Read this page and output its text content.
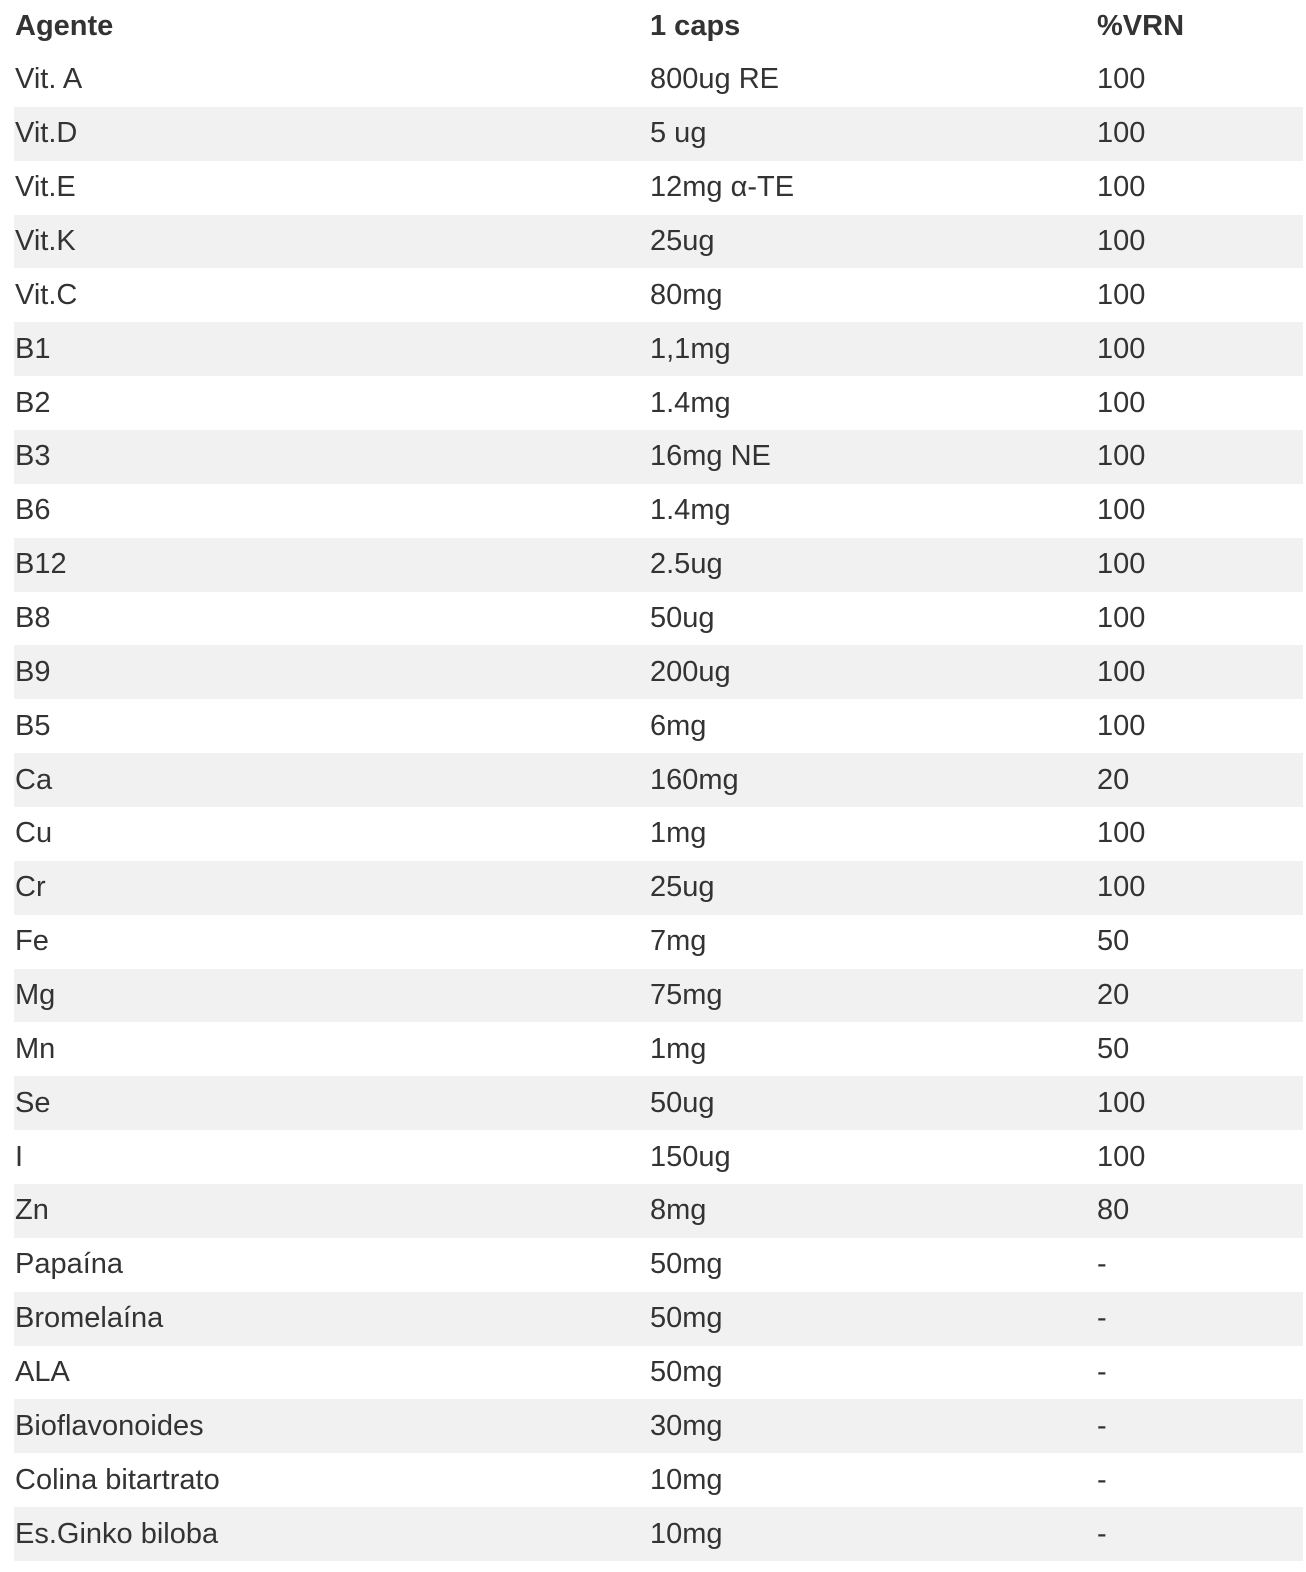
Agente	1 caps	%VRN
Vit. A	800ug RE	100
Vit.D	5 ug	100
Vit.E	12mg α-TE	100
Vit.K	25ug	100
Vit.C	80mg	100
B1	1,1mg	100
B2	1.4mg	100
B3	16mg NE	100
B6	1.4mg	100
B12	2.5ug	100
B8	50ug	100
B9	200ug	100
B5	6mg	100
Ca	160mg	20
Cu	1mg	100
Cr	25ug	100
Fe	7mg	50
Mg	75mg	20
Mn	1mg	50
Se	50ug	100
I	150ug	100
Zn	8mg	80
Papaína	50mg	-
Bromelaína	50mg	-
ALA	50mg	-
Bioflavonoides	30mg	-
Colina bitartrato	10mg	-
Es.Ginko biloba	10mg	-
